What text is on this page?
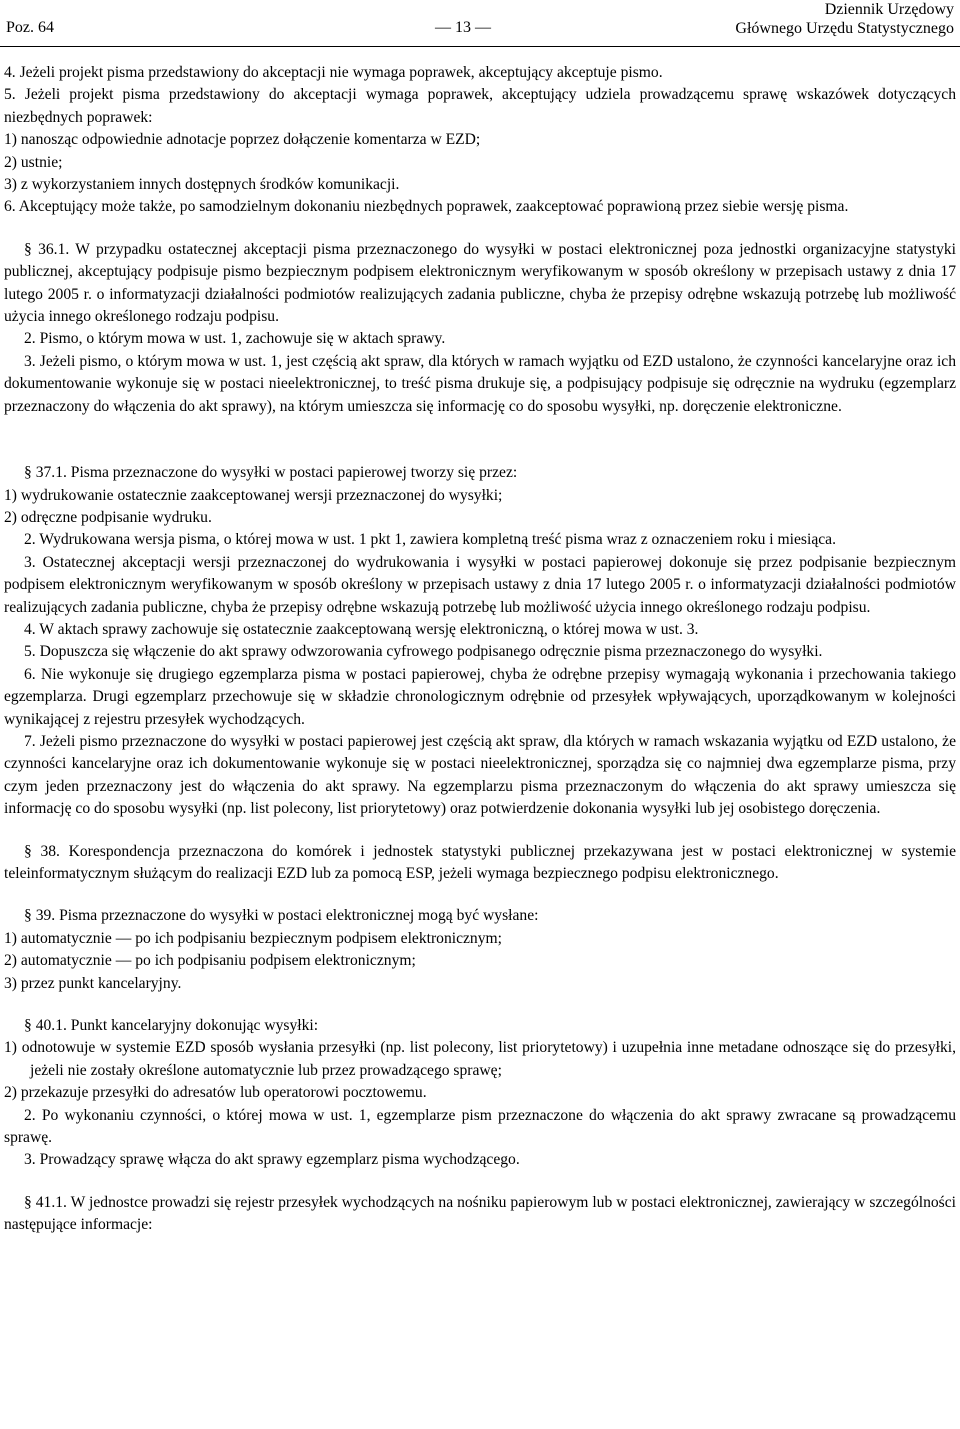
Poz. 64	— 13 —
Dziennik Urzędowy
Głównego Urzędu Statystycznego

4. Jeżeli projekt pisma przedstawiony do akceptacji nie wymaga poprawek, akceptujący akceptuje pismo.

5. Jeżeli projekt pisma przedstawiony do akceptacji wymaga poprawek, akceptujący udziela prowadzącemu sprawę wskazówek dotyczących niezbędnych poprawek:

1) nanosząc odpowiednie adnotacje poprzez dołączenie komentarza w EZD;

2) ustnie;

3) z wykorzystaniem innych dostępnych środków komunikacji.

6. Akceptujący może także, po samodzielnym dokonaniu niezbędnych poprawek, zaakceptować poprawioną przez siebie wersję pisma.

§ 36.1. W przypadku ostatecznej akceptacji pisma przeznaczonego do wysyłki w postaci elektronicznej poza jednostki organizacyjne statystyki publicznej, akceptujący podpisuje pismo bezpiecznym podpisem elektronicznym weryfikowanym w sposób określony w przepisach ustawy z dnia 17 lutego 2005 r. o informatyzacji działalności podmiotów realizujących zadania publiczne, chyba że przepisy odrębne wskazują potrzebę lub możliwość użycia innego określonego rodzaju podpisu.

2. Pismo, o którym mowa w ust. 1, zachowuje się w aktach sprawy.

3. Jeżeli pismo, o którym mowa w ust. 1, jest częścią akt spraw, dla których w ramach wyjątku od EZD ustalono, że czynności kancelaryjne oraz ich dokumentowanie wykonuje się w postaci nieelektronicznej, to treść pisma drukuje się, a podpisujący podpisuje się odręcznie na wydruku (egzemplarz przeznaczony do włączenia do akt sprawy), na którym umieszcza się informację co do sposobu wysyłki, np. doręczenie elektroniczne.

§ 37.1. Pisma przeznaczone do wysyłki w postaci papierowej tworzy się przez:

1) wydrukowanie ostatecznie zaakceptowanej wersji przeznaczonej do wysyłki;

2) odręczne podpisanie wydruku.

2. Wydrukowana wersja pisma, o której mowa w ust. 1 pkt 1, zawiera kompletną treść pisma wraz z oznaczeniem roku i miesiąca.

3. Ostatecznej akceptacji wersji przeznaczonej do wydrukowania i wysyłki w postaci papierowej dokonuje się przez podpisanie bezpiecznym podpisem elektronicznym weryfikowanym w sposób określony w przepisach ustawy z dnia 17 lutego 2005 r. o informatyzacji działalności podmiotów realizujących zadania publiczne, chyba że przepisy odrębne wskazują potrzebę lub możliwość użycia innego określonego rodzaju podpisu.

4. W aktach sprawy zachowuje się ostatecznie zaakceptowaną wersję elektroniczną, o której mowa w ust. 3.

5. Dopuszcza się włączenie do akt sprawy odwzorowania cyfrowego podpisanego odręcznie pisma przeznaczonego do wysyłki.

6. Nie wykonuje się drugiego egzemplarza pisma w postaci papierowej, chyba że odrębne przepisy wymagają wykonania i przechowania takiego egzemplarza. Drugi egzemplarz przechowuje się w składzie chronologicznym odrębnie od przesyłek wpływających, uporządkowanym w kolejności wynikającej z rejestru przesyłek wychodzących.

7. Jeżeli pismo przeznaczone do wysyłki w postaci papierowej jest częścią akt spraw, dla których w ramach wskazania wyjątku od EZD ustalono, że czynności kancelaryjne oraz ich dokumentowanie wykonuje się w postaci nieelektronicznej, sporządza się co najmniej dwa egzemplarze pisma, przy czym jeden przeznaczony jest do włączenia do akt sprawy. Na egzemplarzu pisma przeznaczonym do włączenia do akt sprawy umieszcza się informację co do sposobu wysyłki (np. list polecony, list priorytetowy) oraz potwierdzenie dokonania wysyłki lub jej osobistego doręczenia.

§ 38. Korespondencja przeznaczona do komórek i jednostek statystyki publicznej przekazywana jest w postaci elektronicznej w systemie teleinformatycznym służącym do realizacji EZD lub za pomocą ESP, jeżeli wymaga bezpiecznego podpisu elektronicznego.

§ 39. Pisma przeznaczone do wysyłki w postaci elektronicznej mogą być wysłane:

1) automatycznie — po ich podpisaniu bezpiecznym podpisem elektronicznym;

2) automatycznie — po ich podpisaniu podpisem elektronicznym;

3) przez punkt kancelaryjny.

§ 40.1. Punkt kancelaryjny dokonując wysyłki:

1) odnotowuje w systemie EZD sposób wysłania przesyłki (np. list polecony, list priorytetowy) i uzupełnia inne metadane odnoszące się do przesyłki, jeżeli nie zostały określone automatycznie lub przez prowadzącego sprawę;

2) przekazuje przesyłki do adresatów lub operatorowi pocztowemu.

2. Po wykonaniu czynności, o której mowa w ust. 1, egzemplarze pism przeznaczone do włączenia do akt sprawy zwracane są prowadzącemu sprawę.

3. Prowadzący sprawę włącza do akt sprawy egzemplarz pisma wychodzącego.

§ 41.1. W jednostce prowadzi się rejestr przesyłek wychodzących na nośniku papierowym lub w postaci elektronicznej, zawierający w szczególności następujące informacje:
